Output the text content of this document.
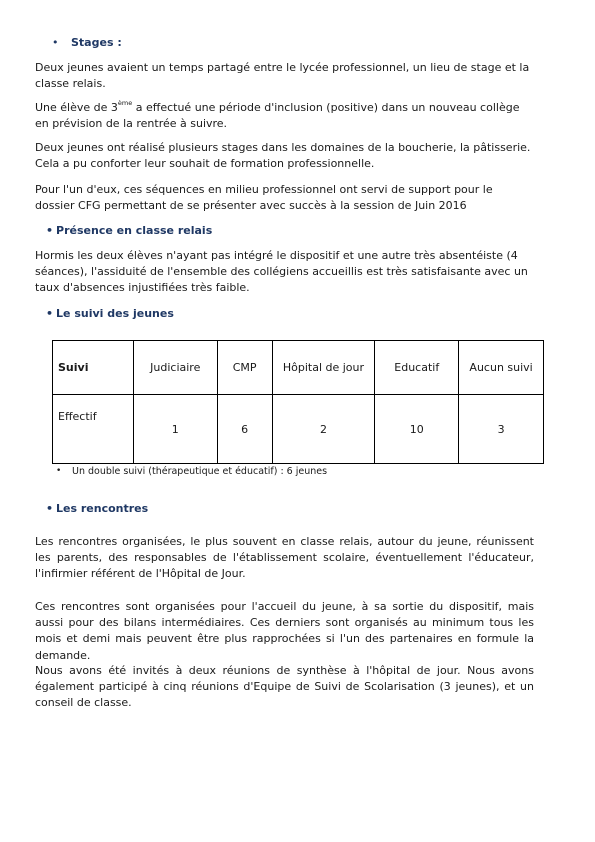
• Stages :

Deux jeunes avaient un temps partagé entre le lycée professionnel, un lieu de stage et la classe relais.

Une élève de 3ème a effectué une période d'inclusion (positive) dans un nouveau collège en prévision de la rentrée à suivre.

Deux jeunes ont réalisé plusieurs stages dans les domaines de la boucherie, la pâtisserie. Cela a pu conforter leur souhait de formation professionnelle.

Pour l'un d'eux, ces séquences en milieu professionnel ont servi de support pour le dossier CFG permettant de se présenter avec succès à la session de Juin 2016

• Présence en classe relais

Hormis les deux élèves n'ayant pas intégré le dispositif et une autre très absentéiste (4 séances), l'assiduité de l'ensemble des collégiens accueillis est très satisfaisante avec un taux d'absences injustifiées très faible.

• Le suivi des jeunes
Suivi	Judiciaire	CMP	Hôpital de jour	Educatif	Aucun suivi
Effectif	1	6	2	10	3
• Un double suivi (thérapeutique et éducatif) : 6 jeunes
• Les rencontres

Les rencontres organisées, le plus souvent en classe relais, autour du jeune, réunissent les parents, des responsables de l'établissement scolaire, éventuellement l'éducateur, l'infirmier référent de l'Hôpital de Jour.

Ces rencontres sont organisées pour l'accueil du jeune, à sa sortie du dispositif, mais aussi pour des bilans intermédiaires. Ces derniers sont organisés au minimum tous les mois et demi mais peuvent être plus rapprochées si l'un des partenaires en formule la demande.

Nous avons été invités à deux réunions de synthèse à l'hôpital de jour. Nous avons également participé à cinq réunions d'Equipe de Suivi de Scolarisation (3 jeunes), et un conseil de classe.
